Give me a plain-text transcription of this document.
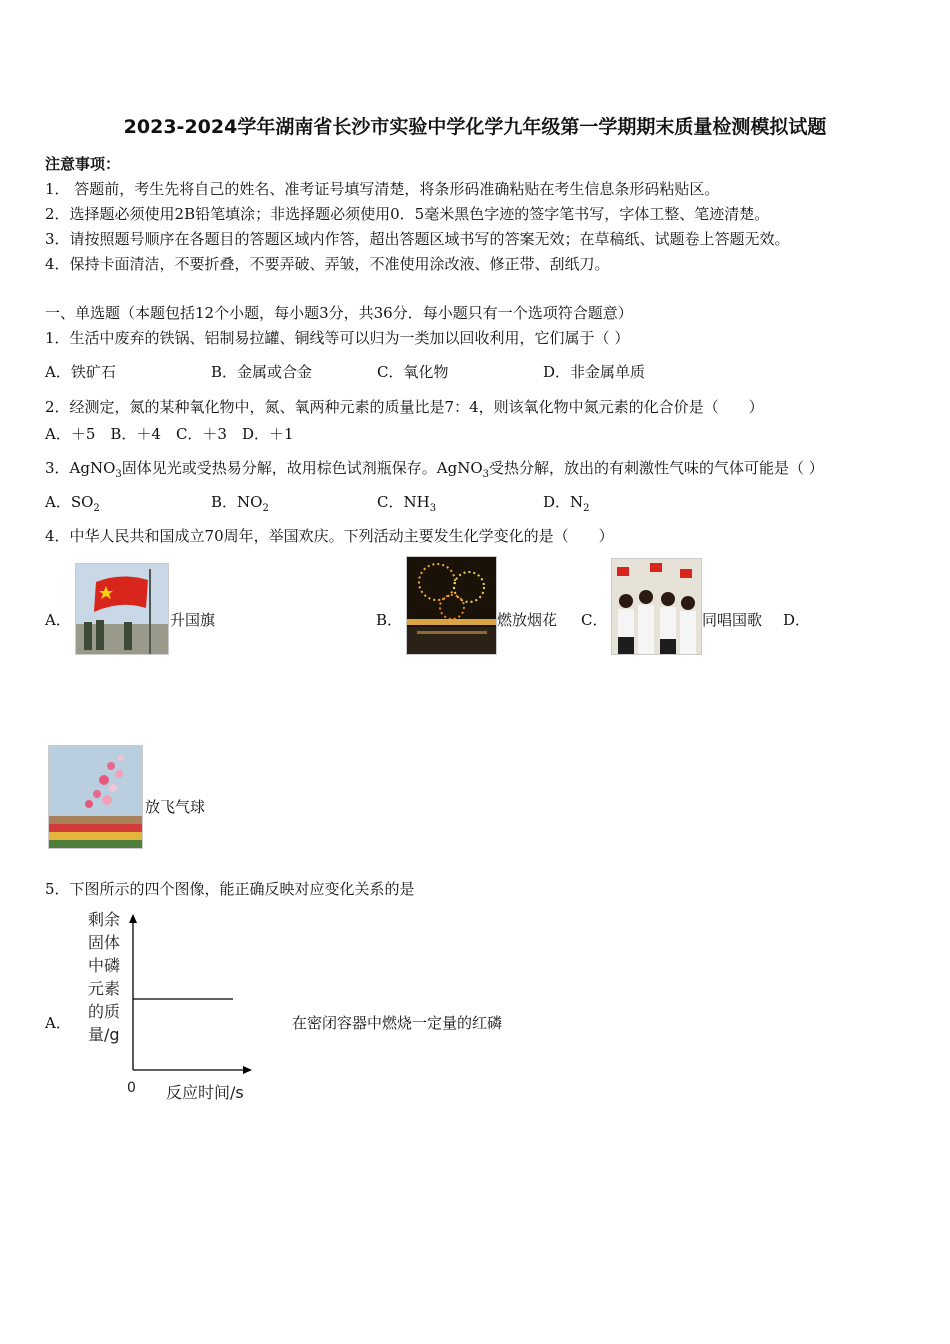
2023-2024学年湖南省长沙市实验中学化学九年级第一学期期末质量检测模拟试题
注意事项：
1． 答题前，考生先将自己的姓名、准考证号填写清楚，将条形码准确粘贴在考生信息条形码粘贴区。
2．选择题必须使用2B铅笔填涂；非选择题必须使用0．5毫米黑色字迹的签字笔书写，字体工整、笔迹清楚。
3．请按照题号顺序在各题目的答题区域内作答，超出答题区域书写的答案无效；在草稿纸、试题卷上答题无效。
4．保持卡面清洁，不要折叠，不要弄破、弄皱，不准使用涂改液、修正带、刮纸刀。
一、单选题（本题包括12个小题，每小题3分，共36分．每小题只有一个选项符合题意）
1．生活中废弃的铁锅、铝制易拉罐、铜线等可以归为一类加以回收利用，它们属于（ ）
A．铁矿石	B．金属或合金	C．氧化物	D．非金属单质
2．经测定，氮的某种氧化物中，氮、氧两种元素的质量比是7：4，则该氧化物中氮元素的化合价是（　　）
A．＋5　B．＋4　C．＋3　D．＋1
3．AgNO$_3$固体见光或受热易分解，故用棕色试剂瓶保存。AgNO$_3$受热分解，放出的有刺激性气味的气体可能是（ ）
A．$SO_2$	B．$NO_2$	C．$NH_3$	D．$N_2$
4．中华人民共和国成立70周年，举国欢庆。下列活动主要发生化学变化的是（　　）
A．	升国旗	B．	燃放烟花 C．	同唱国歌 D．
放飞气球
5．下图所示的四个图像，能正确反映对应变化关系的是
A．
剩余
固体
中磷
元素
的质
量/g
0 反应时间/s
在密闭容器中燃烧一定量的红磷
